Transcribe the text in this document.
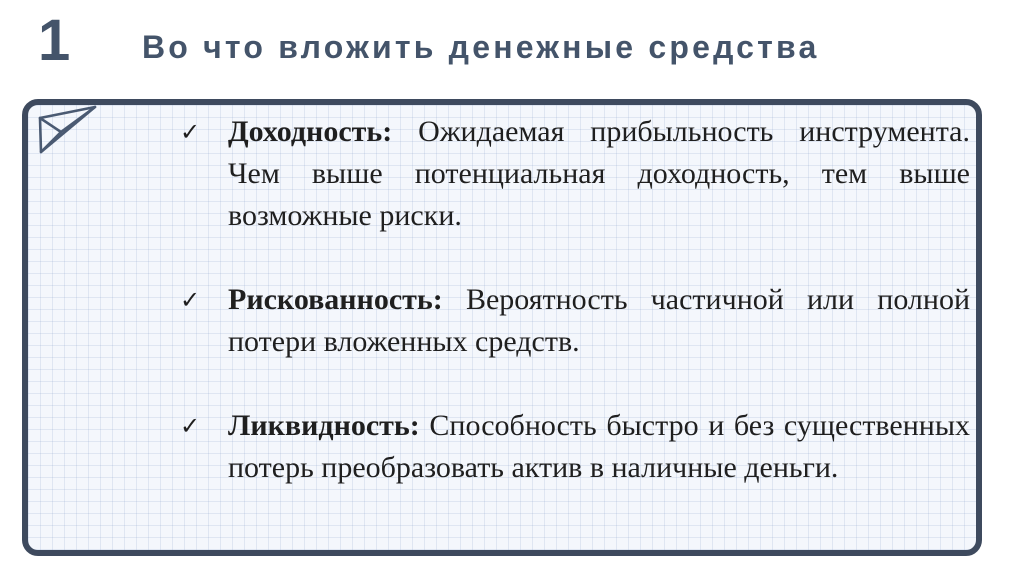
1 Во что вложить денежные средства
✓ Доходность: Ожидаемая прибыльность инструмента. Чем выше потенциальная доходность, тем выше возможные риски.
✓ Рискованность: Вероятность частичной или полной потери вложенных средств.
✓ Ликвидность: Способность быстро и без существенных потерь преобразовать актив в наличные деньги.
